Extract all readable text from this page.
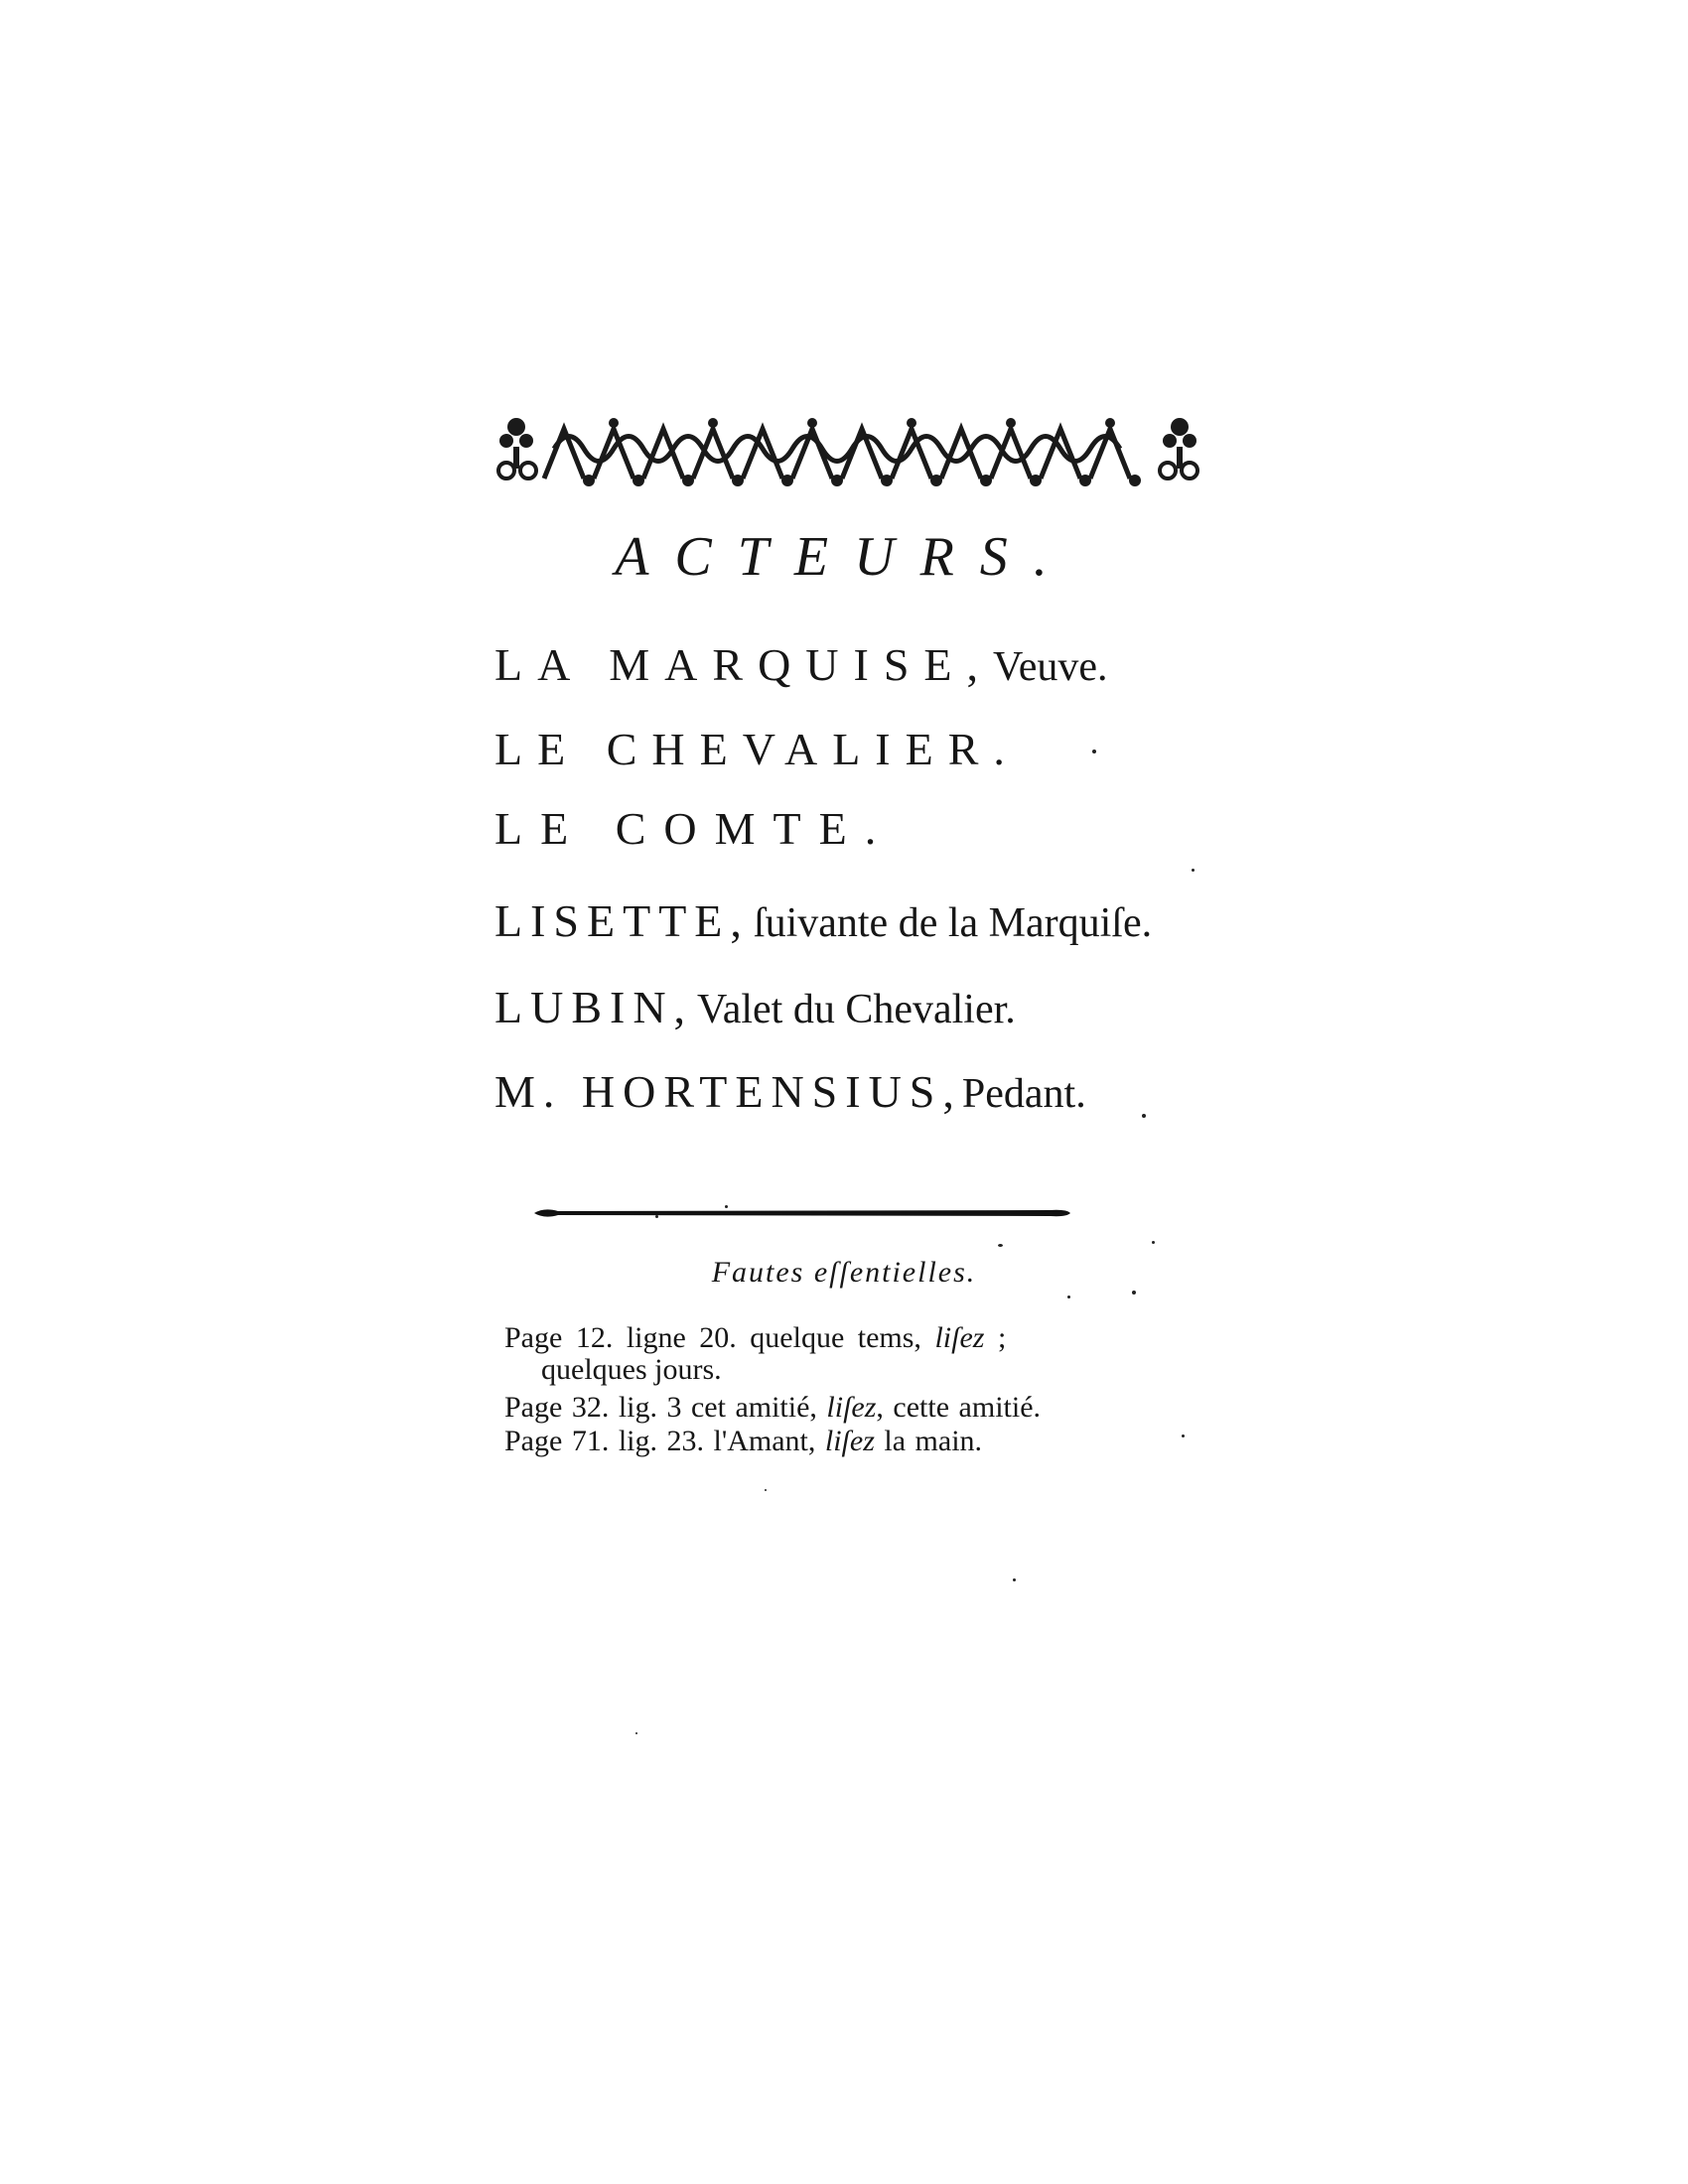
ACTEURS.
LA MARQUISE,Veuve.
LE CHEVALIER.
LE COMTE.
LISETTE, ſuivante de la Marquiſe.
LUBIN, Valet du Chevalier.
M. HORTENSIUS,Pedant.
Fautes eſſentielles.
Page 12. ligne 20. quelque tems, liſez ;
quelques jours.
Page 32. lig. 3 cet amitié, liſez, cette amitié.
Page 71. lig. 23. l'Amant, liſez la main.
